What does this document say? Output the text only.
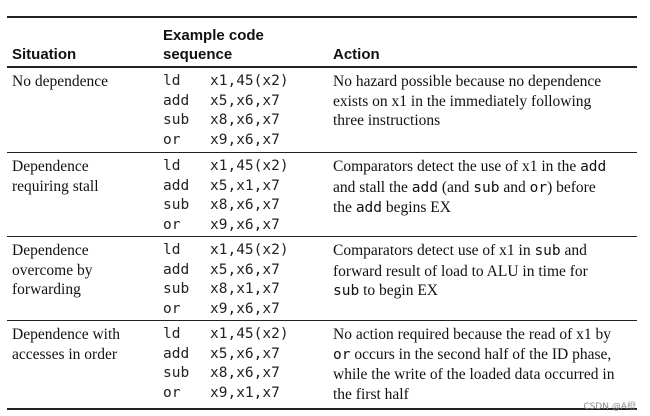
Situation
Example code
sequence	Action
No dependence	ld x1,45(x2)
add x5,x6,x7
sub x8,x6,x7
or x9,x6,x7
No hazard possible because no dependence
exists on x1 in the immediately following
three instructions
Dependence
requiring stall
ld x1,45(x2)
add x5,x1,x7
sub x8,x6,x7
or x9,x6,x7
Comparators detect the use of x1 in the add
and stall the add (and sub and or) before
the add begins EX
Dependence
overcome by
forwarding
ld x1,45(x2)
add x5,x6,x7
sub x8,x1,x7
or x9,x6,x7
Comparators detect use of x1 in sub and
forward result of load to ALU in time for
sub to begin EX
Dependence with
accesses in order
ld x1,45(x2)
add x5,x6,x7
sub x8,x6,x7
or x9,x1,x7
No action required because the read of x1 by
or occurs in the second half of the ID phase,
while the write of the loaded data occurred in
the first half
CSDN @A橙
